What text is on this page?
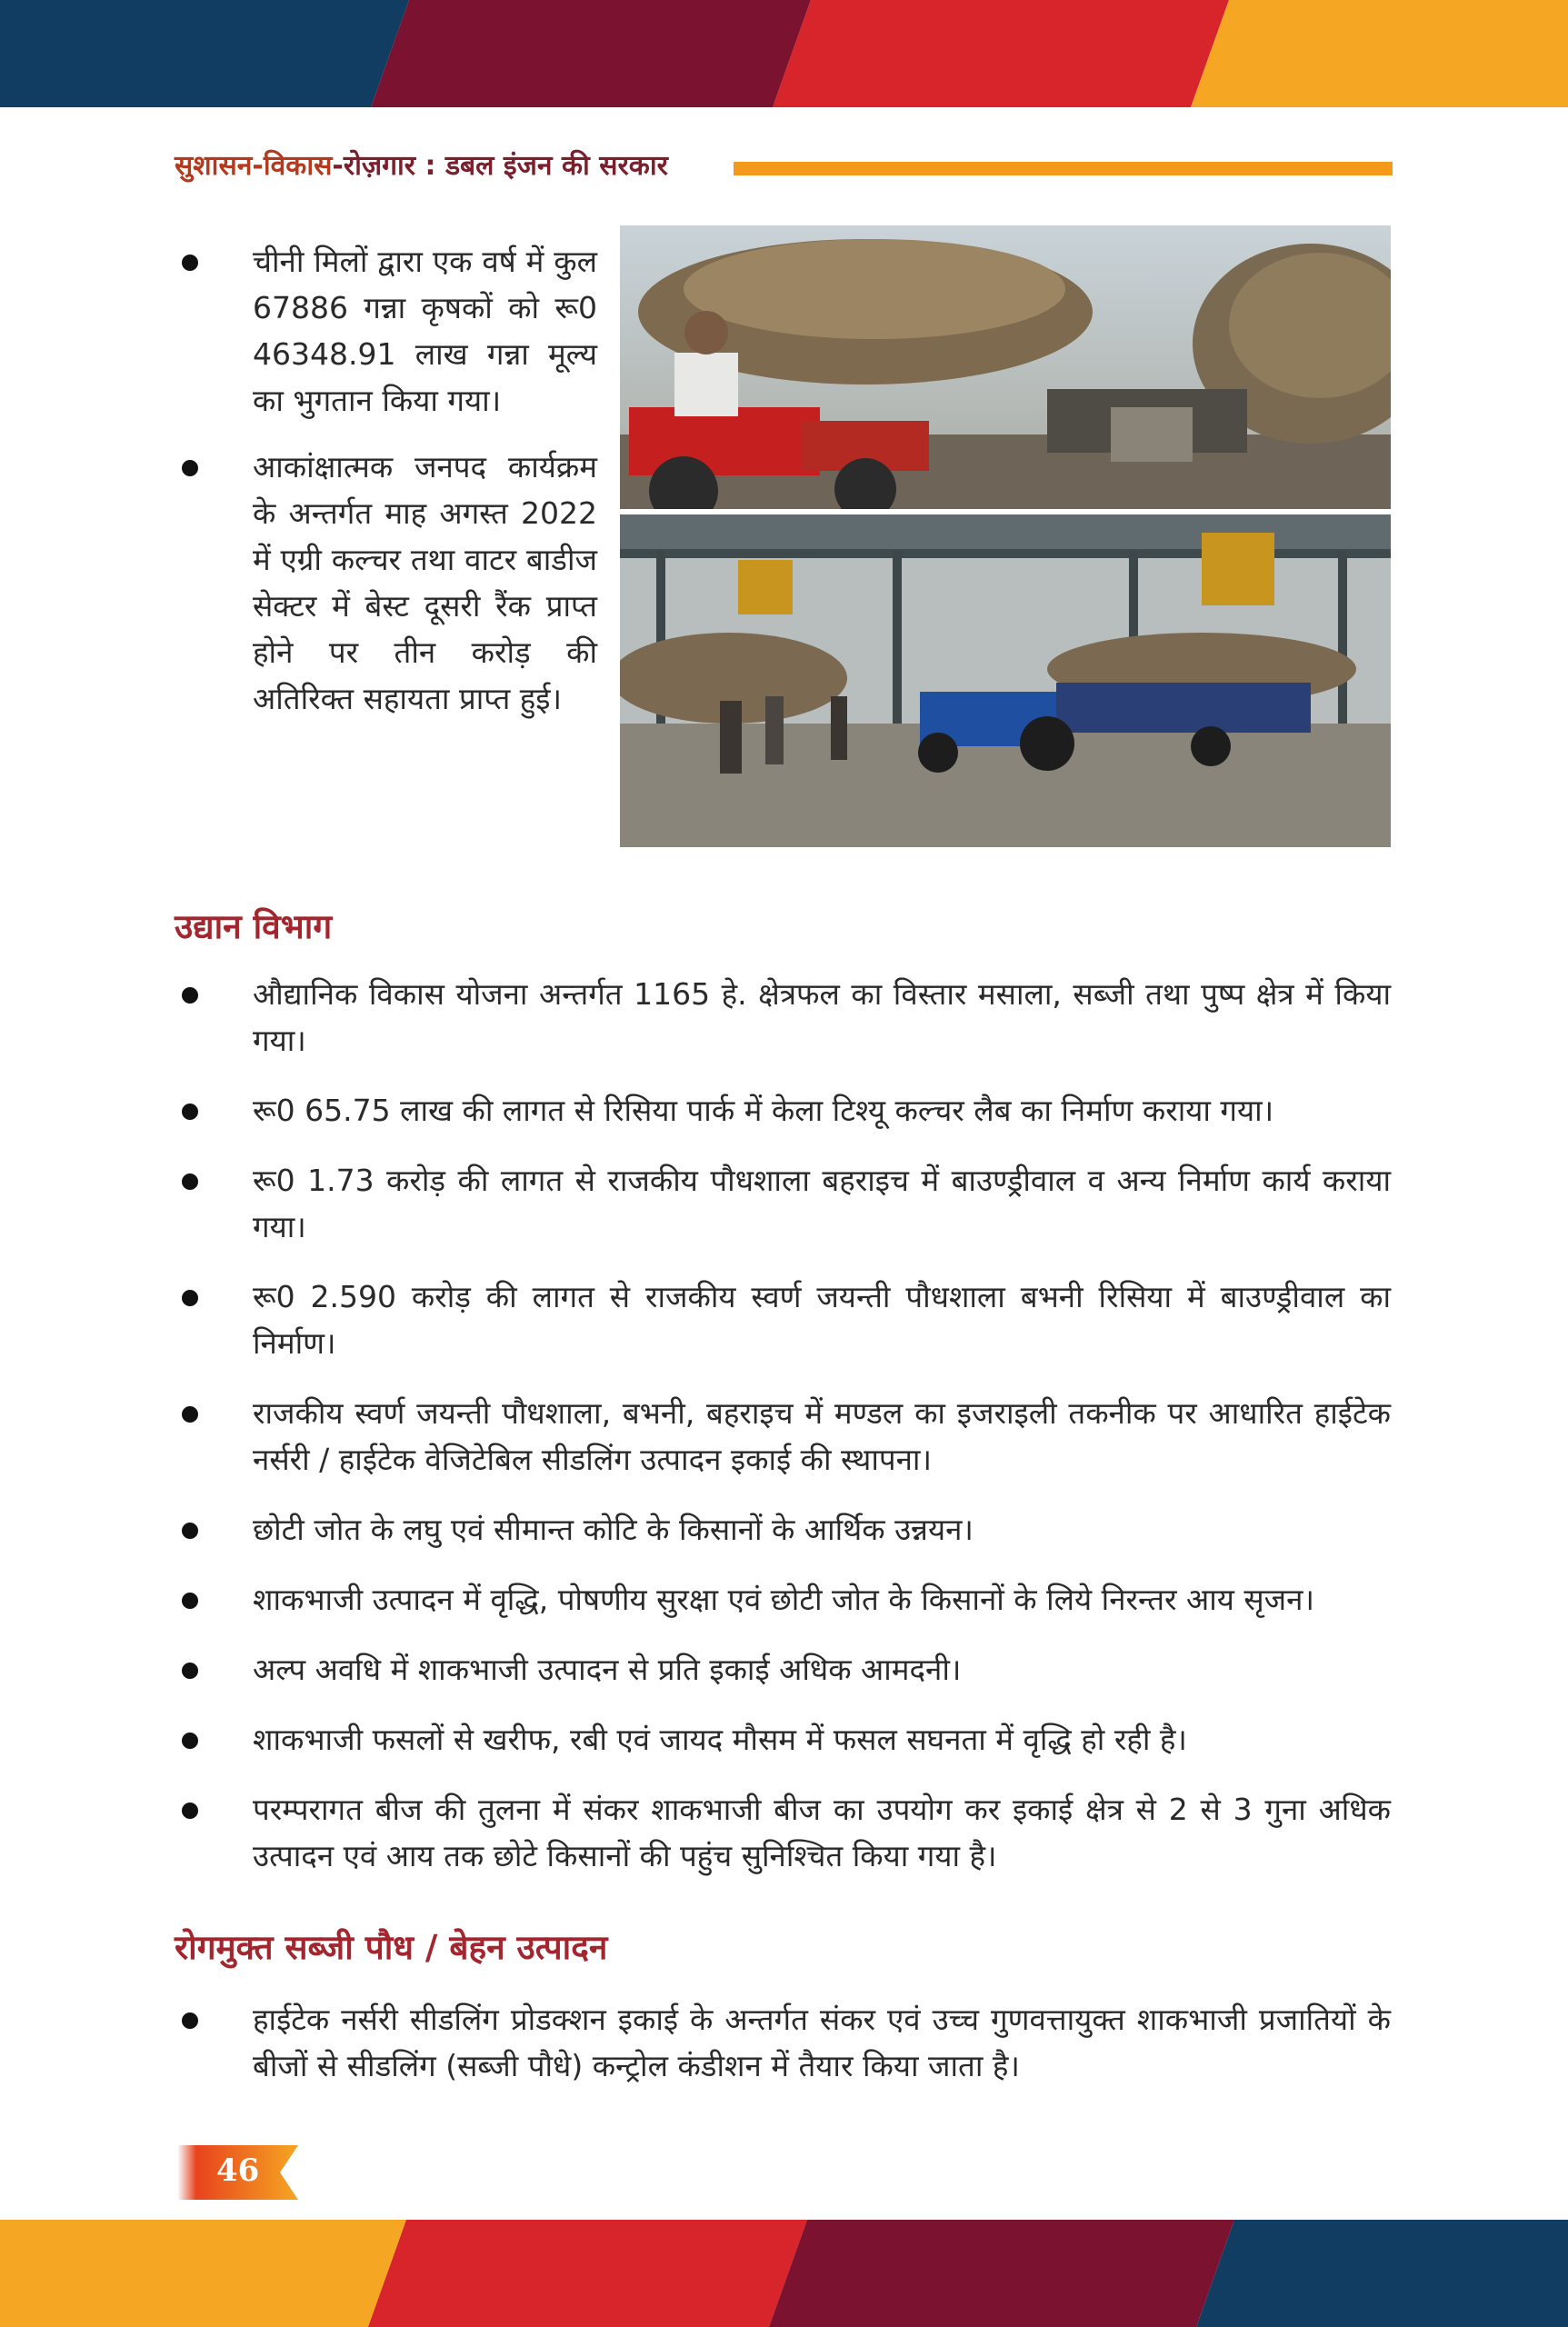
सुशासन-विकास-रोज़गार : डबल इंजन की सरकार
चीनी मिलों द्वारा एक वर्ष में कुल 67886 गन्ना कृषकों को रू0 46348.91 लाख गन्ना मूल्य का भुगतान किया गया।
आकांक्षात्मक जनपद कार्यक्रम के अन्तर्गत माह अगस्त 2022 में एग्री कल्चर तथा वाटर बाडीज सेक्टर में बेस्ट दूसरी रैंक प्राप्त होने पर तीन करोड़ की अतिरिक्त सहायता प्राप्त हुई।
उद्यान विभाग
औद्यानिक विकास योजना अन्तर्गत 1165 हे. क्षेत्रफल का विस्तार मसाला, सब्जी तथा पुष्प क्षेत्र में किया गया।
रू0 65.75 लाख की लागत से रिसिया पार्क में केला टिश्यू कल्चर लैब का निर्माण कराया गया।
रू0 1.73 करोड़ की लागत से राजकीय पौधशाला बहराइच में बाउण्ड्रीवाल व अन्य निर्माण कार्य कराया गया।
रू0 2.590 करोड़ की लागत से राजकीय स्वर्ण जयन्ती पौधशाला बभनी रिसिया में बाउण्ड्रीवाल का निर्माण।
राजकीय स्वर्ण जयन्ती पौधशाला, बभनी, बहराइच में मण्डल का इजराइली तकनीक पर आधारित हाईटेक नर्सरी / हाईटेक वेजिटेबिल सीडलिंग उत्पादन इकाई की स्थापना।
छोटी जोत के लघु एवं सीमान्त कोटि के किसानों के आर्थिक उन्नयन।
शाकभाजी उत्पादन में वृद्धि, पोषणीय सुरक्षा एवं छोटी जोत के किसानों के लिये निरन्तर आय सृजन।
अल्प अवधि में शाकभाजी उत्पादन से प्रति इकाई अधिक आमदनी।
शाकभाजी फसलों से खरीफ, रबी एवं जायद मौसम में फसल सघनता में वृद्धि हो रही है।
परम्परागत बीज की तुलना में संकर शाकभाजी बीज का उपयोग कर इकाई क्षेत्र से 2 से 3 गुना अधिक उत्पादन एवं आय तक छोटे किसानों की पहुंच सुनिश्चित किया गया है।
रोगमुक्त सब्जी पौध / बेहन उत्पादन
हाईटेक नर्सरी सीडलिंग प्रोडक्शन इकाई के अन्तर्गत संकर एवं उच्च गुणवत्तायुक्त शाकभाजी प्रजातियों के बीजों से सीडलिंग (सब्जी पौधे) कन्ट्रोल कंडीशन में तैयार किया जाता है।
46
